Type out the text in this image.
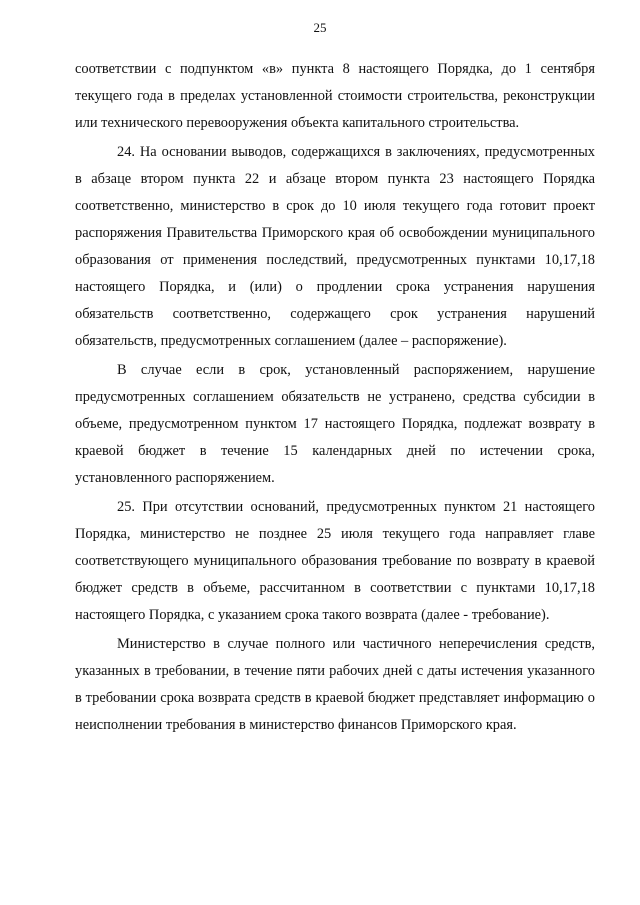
25

соответствии с подпунктом «в» пункта 8 настоящего Порядка, до 1 сентября текущего года в пределах установленной стоимости строительства, реконструкции или технического перевооружения объекта капитального строительства.

24. На основании выводов, содержащихся в заключениях, предусмотренных в абзаце втором пункта 22 и абзаце втором пункта 23 настоящего Порядка соответственно, министерство в срок до 10 июля текущего года готовит проект распоряжения Правительства Приморского края об освобождении муниципального образования от применения последствий, предусмотренных пунктами 10,17,18 настоящего Порядка, и (или) о продлении срока устранения нарушения обязательств соответственно, содержащего срок устранения нарушений обязательств, предусмотренных соглашением (далее – распоряжение).

В случае если в срок, установленный распоряжением, нарушение предусмотренных соглашением обязательств не устранено, средства субсидии в объеме, предусмотренном пунктом 17 настоящего Порядка, подлежат возврату в краевой бюджет в течение 15 календарных дней по истечении срока, установленного распоряжением.

25. При отсутствии оснований, предусмотренных пунктом 21 настоящего Порядка, министерство не позднее 25 июля текущего года направляет главе соответствующего муниципального образования требование по возврату в краевой бюджет средств в объеме, рассчитанном в соответствии с пунктами 10,17,18 настоящего Порядка, с указанием срока такого возврата (далее - требование).

Министерство в случае полного или частичного неперечисления средств, указанных в требовании, в течение пяти рабочих дней с даты истечения указанного в требовании срока возврата средств в краевой бюджет представляет информацию о неисполнении требования в министерство финансов Приморского края.
